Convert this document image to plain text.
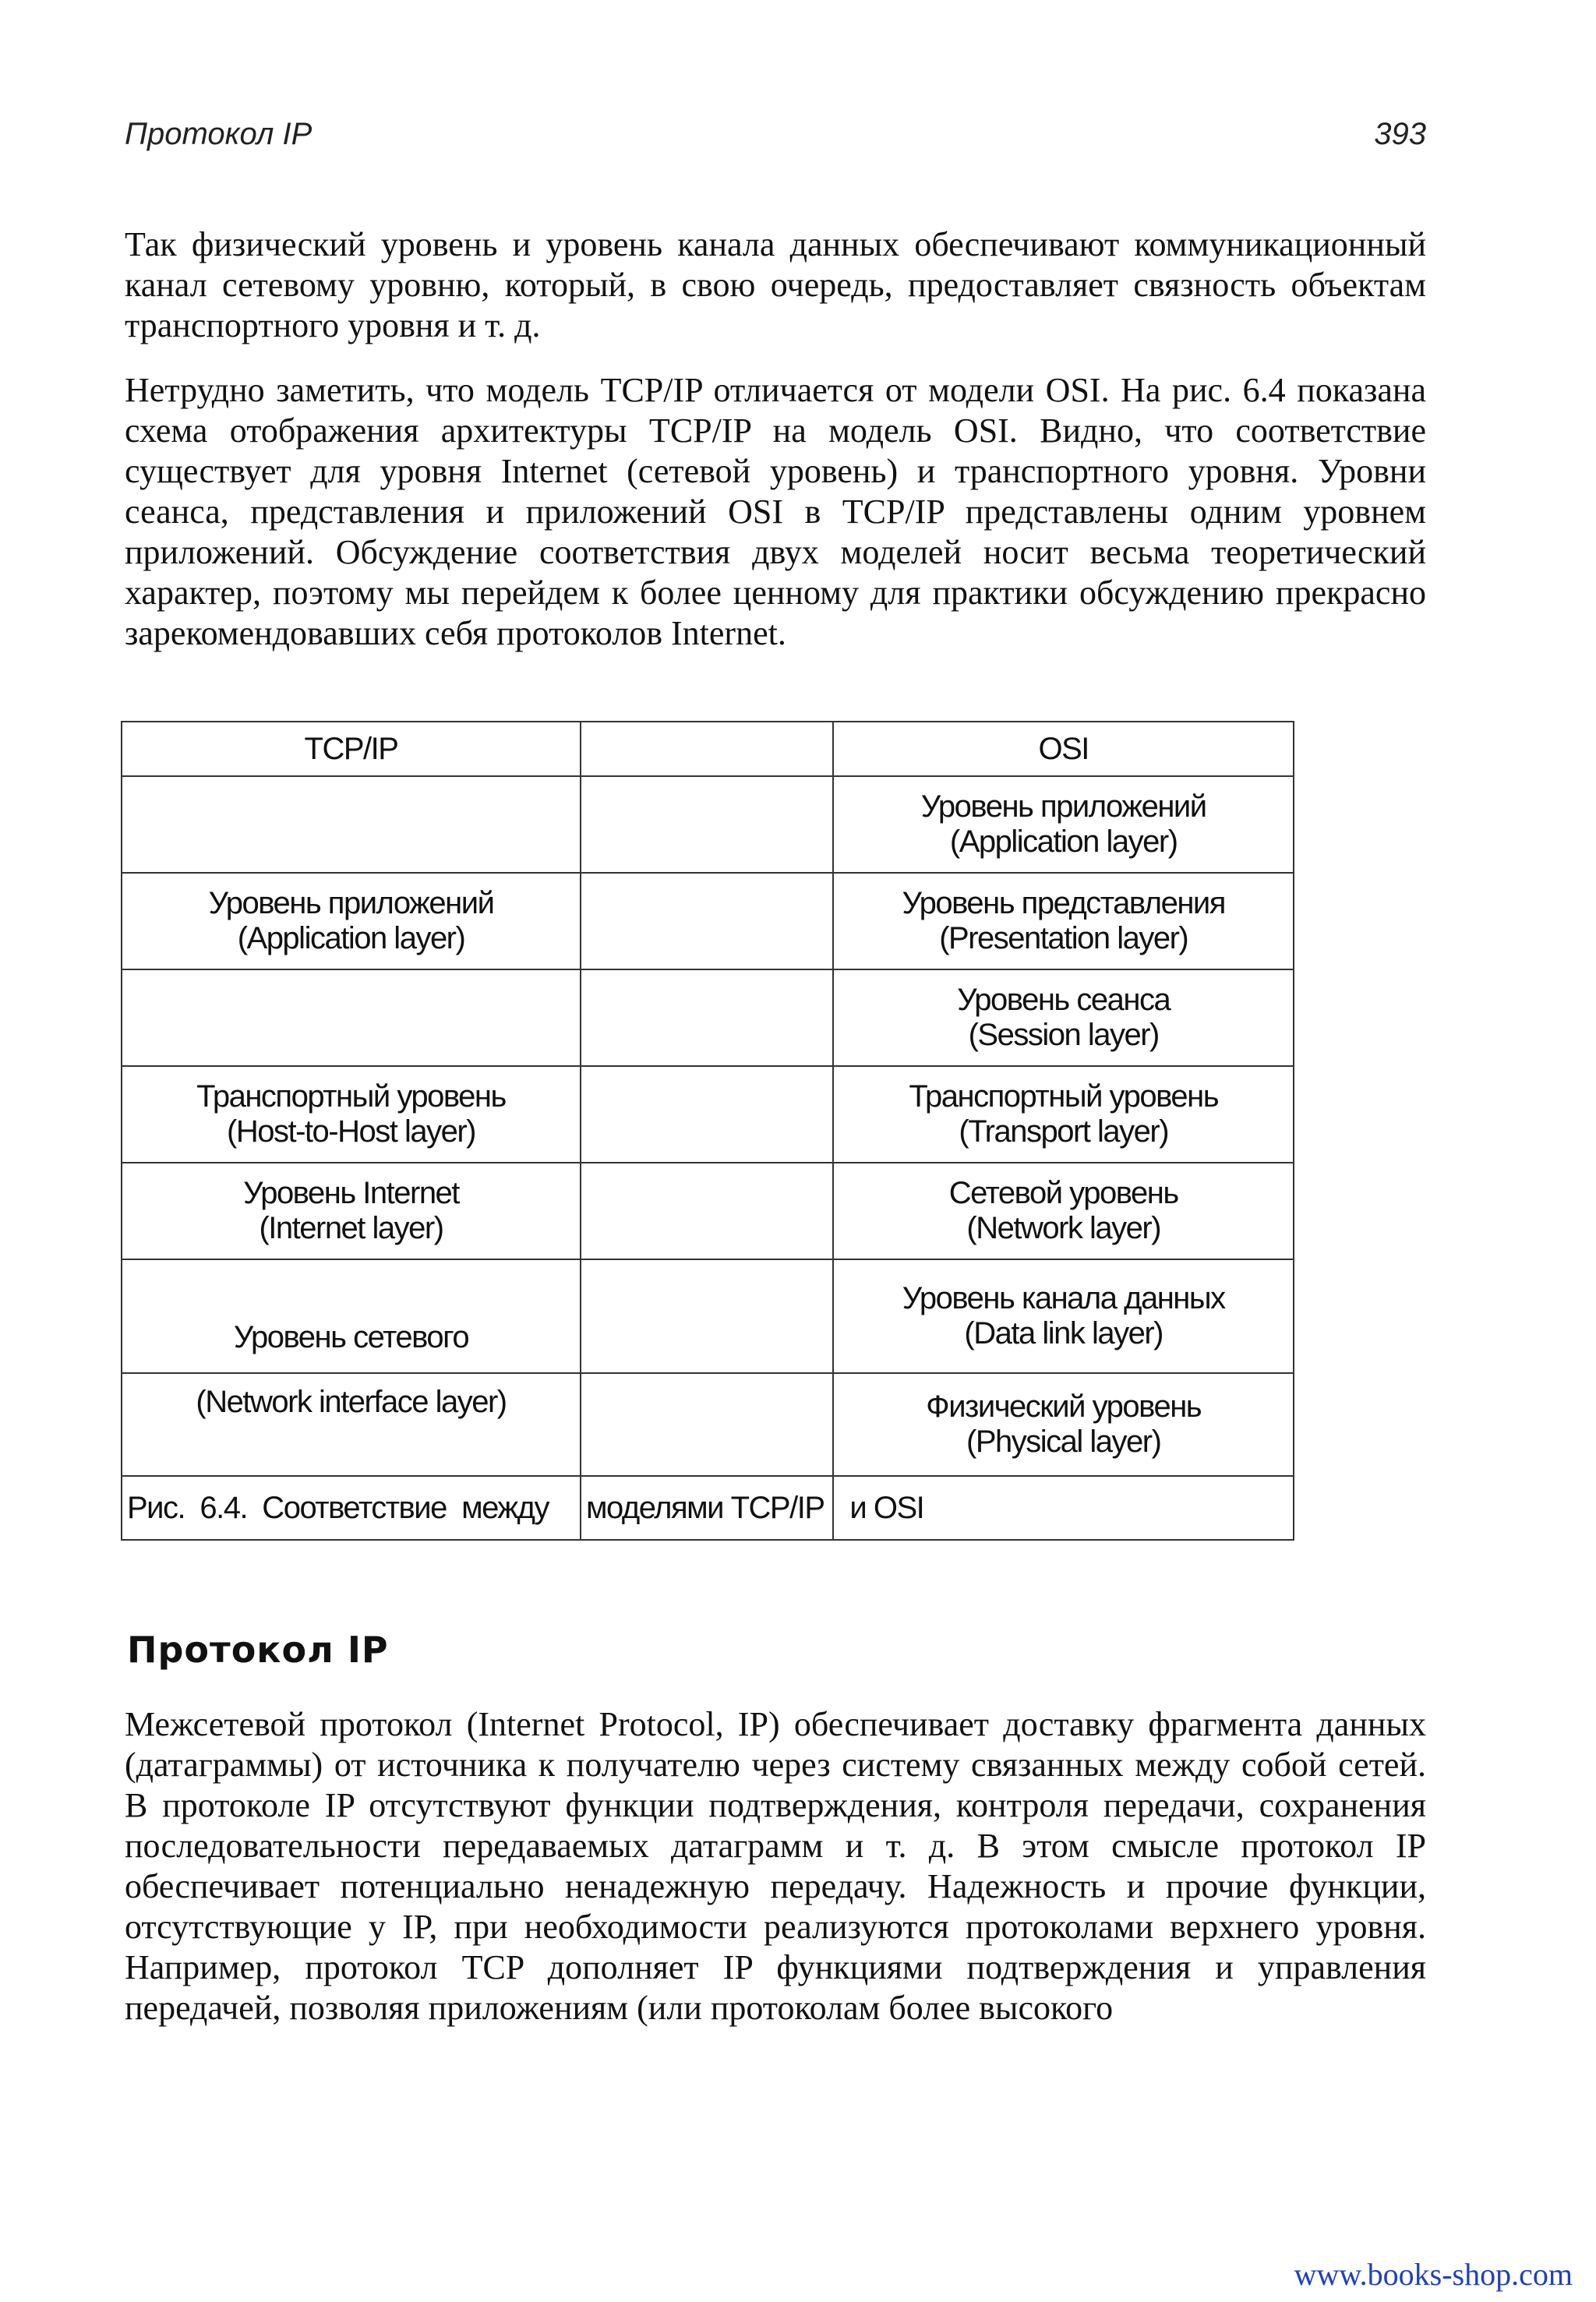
Протокол IP	393
Так физический уровень и уровень канала данных обеспечивают коммуникационный канал сетевому уровню, который, в свою очередь, предоставляет связность объектам транспортного уровня и т. д.
Нетрудно заметить, что модель TCP/IP отличается от модели OSI. На рис. 6.4 показана схема отображения архитектуры TCP/IP на модель OSI. Видно, что соответствие существует для уровня Internet (сетевой уровень) и транспортного уровня. Уровни сеанса, представления и приложений OSI в TCP/IP представлены одним уровнем приложений. Обсуждение соответствия двух моделей носит весьма теоретический характер, поэтому мы перейдем к более ценному для практики обсуждению прекрасно зарекомендовавших себя протоколов Internet.
TCP/IP		OSI

		Уровень приложений
(Application layer)

Уровень приложений
(Application layer)		Уровень представления
(Presentation layer)

		Уровень сеанса
(Session layer)

Транспортный уровень
(Host-to-Host layer)		Транспортный уровень
(Transport layer)

Уровень Internet
(Internet layer)		Сетевой уровень
(Network layer)

Уровень сетевого		Уровень канала данных
(Data link layer)

(Network interface layer)		Физический уровень
(Physical layer)

Рис.  6.4.  Соответствие  между	моделями TCP/IP	и OSI
Протокол IP
Межсетевой протокол (Internet Protocol, IP) обеспечивает доставку фрагмента данных (датаграммы) от источника к получателю через систему связанных между собой сетей. В протоколе IP отсутствуют функции подтверждения, контроля передачи, сохранения последовательности передаваемых датаграмм и т. д. В этом смысле протокол IP обеспечивает потенциально ненадежную передачу. Надежность и прочие функции, отсутствующие у IP, при необходимости реализуются протоколами верхнего уровня. Например, протокол TCP дополняет IP функциями подтверждения и управления передачей, позволяя приложениям (или протоколам более высокого
www.books-shop.com
